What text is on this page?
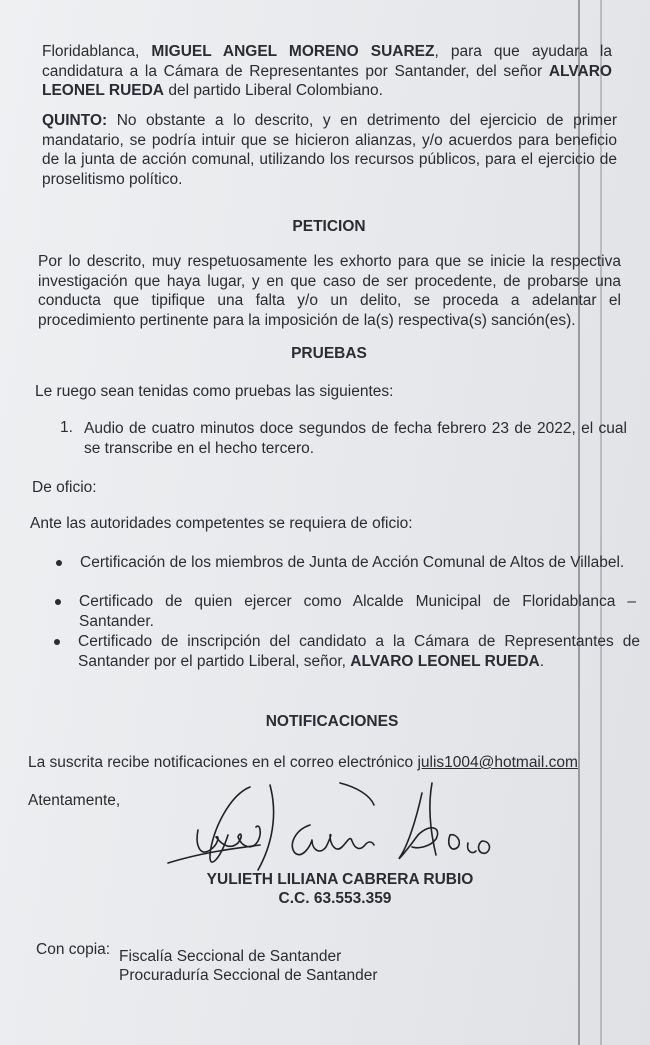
Floridablanca, MIGUEL ANGEL MORENO SUAREZ, para que ayudara la candidatura a la Cámara de Representantes por Santander, del señor ALVARO LEONEL RUEDA del partido Liberal Colombiano.

QUINTO: No obstante a lo descrito, y en detrimento del ejercicio de primer mandatario, se podría intuir que se hicieron alianzas, y/o acuerdos para beneficio de la junta de acción comunal, utilizando los recursos públicos, para el ejercicio de proselitismo político.

PETICION

Por lo descrito, muy respetuosamente les exhorto para que se inicie la respectiva investigación que haya lugar, y en que caso de ser procedente, de probarse una conducta que tipifique una falta y/o un delito, se proceda a adelantar el procedimiento pertinente para la imposición de la(s) respectiva(s) sanción(es).

PRUEBAS

Le ruego sean tenidas como pruebas las siguientes:

1. Audio de cuatro minutos doce segundos de fecha febrero 23 de 2022, el cual se transcribe en el hecho tercero.

De oficio:

Ante las autoridades competentes se requiera de oficio:

Certificación de los miembros de Junta de Acción Comunal de Altos de Villabel.

Certificado de quien ejercer como Alcalde Municipal de Floridablanca – Santander.

Certificado de inscripción del candidato a la Cámara de Representantes de Santander por el partido Liberal, señor, ALVARO LEONEL RUEDA.

NOTIFICACIONES

La suscrita recibe notificaciones en el correo electrónico julis1004@hotmail.com

Atentamente,

YULIETH LILIANA CABRERA RUBIO
C.C. 63.553.359

Con copia: Fiscalía Seccional de Santander

Procuraduría Seccional de Santander
